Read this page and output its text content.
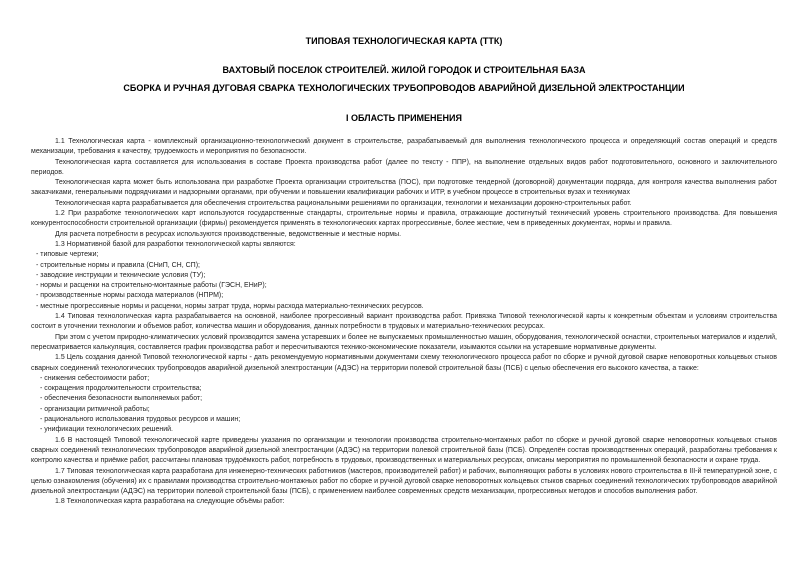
ТИПОВАЯ ТЕХНОЛОГИЧЕСКАЯ КАРТА (ТТК)

ВАХТОВЫЙ ПОСЕЛОК СТРОИТЕЛЕЙ. ЖИЛОЙ ГОРОДОК И СТРОИТЕЛЬНАЯ БАЗА

СБОРКА И РУЧНАЯ ДУГОВАЯ СВАРКА ТЕХНОЛОГИЧЕСКИХ ТРУБОПРОВОДОВ АВАРИЙНОЙ ДИЗЕЛЬНОЙ ЭЛЕКТРОСТАНЦИИ

I ОБЛАСТЬ ПРИМЕНЕНИЯ

1.1 Технологическая карта - комплексный организационно-технологический документ в строительстве, разрабатываемый для выполнения технологического процесса и определяющий состав операций и средств механизации, требования к качеству, трудоемкость и мероприятия по безопасности.

Технологическая карта составляется для использования в составе Проекта производства работ (далее по тексту - ППР), на выполнение отдельных видов работ подготовительного, основного и заключительного периодов.

Технологическая карта может быть использована при разработке Проекта организации строительства (ПОС), при подготовке тендерной (договорной) документации подряда, для контроля качества выполнения работ заказчиками, генеральными подрядчиками и надзорными органами, при обучении и повышении квалификации рабочих и ИТР, в учебном процессе в строительных вузах и техникумах

Технологическая карта разрабатывается для обеспечения строительства рациональными решениями по организации, технологии и механизации дорожно-строительных работ.

1.2 При разработке технологических карт используются государственные стандарты, строительные нормы и правила, отражающие достигнутый технический уровень строительного производства. Для повышения конкурентоспособности строительной организации (фирмы) рекомендуется применять в технологических картах прогрессивные, более жесткие, чем в приведенных документах, нормы и правила.

Для расчета потребности в ресурсах используются производственные, ведомственные и местные нормы.

1.3 Нормативной базой для разработки технологической карты являются:

- типовые чертежи;

- строительные нормы и правила (СНиП, СН, СП);

- заводские инструкции и технические условия (ТУ);

- нормы и расценки на строительно-монтажные работы (ГЭСН, ЕНиР);

- производственные нормы расхода материалов (НПРМ);

- местные прогрессивные нормы и расценки, нормы затрат труда, нормы расхода материально-технических ресурсов.

1.4 Типовая технологическая карта разрабатывается на основной, наиболее прогрессивный вариант производства работ. Привязка Типовой технологической карты к конкретным объектам и условиям строительства состоит в уточнении технологии и объемов работ, количества машин и оборудования, данных потребности в трудовых и материально-технических ресурсах.

При этом с учетом природно-климатических условий производится замена устаревших и более не выпускаемых промышленностью машин, оборудования, технологической оснастки, строительных материалов и изделий, пересматривается калькуляция, составляется график производства работ и пересчитываются технико-экономические показатели, изымаются ссылки на устаревшие нормативные документы.

1.5 Цель создания данной Типовой технологической карты - дать рекомендуемую нормативными документами схему технологического процесса работ по сборке и ручной дуговой сварке неповоротных кольцевых стыков сварных соединений технологических трубопроводов аварийной дизельной электростанции (АДЭС) на территории полевой строительной базы (ПСБ) с целью обеспечения его высокого качества, а также:

- снижения себестоимости работ;

- сокращения продолжительности строительства;

- обеспечения безопасности выполняемых работ;

- организации ритмичной работы;

- рационального использования трудовых ресурсов и машин;

- унификации технологических решений.

1.6 В настоящей Типовой технологической карте приведены указания по организации и технологии производства строительно-монтажных работ по сборке и ручной дуговой сварке неповоротных кольцевых стыков сварных соединений технологических трубопроводов аварийной дизельной электростанции (АДЭС) на территории полевой строительной базы (ПСБ). Определён состав производственных операций, разработаны требования к контролю качества и приёмке работ, рассчитаны плановая трудоёмкость работ, потребность в трудовых, производственных и материальных ресурсах, описаны мероприятия по промышленной безопасности и охране труда.

1.7 Типовая технологическая карта разработана для инженерно-технических работников (мастеров, производителей работ) и рабочих, выполняющих работы в условиях нового строительства в III-й температурной зоне, с целью ознакомления (обучения) их с правилами производства строительно-монтажных работ по сборке и ручной дуговой сварке неповоротных кольцевых стыков сварных соединений технологических трубопроводов аварийной дизельной электростанции (АДЭС) на территории полевой строительной базы (ПСБ), с применением наиболее современных средств механизации, прогрессивных методов и способов выполнения работ.

1.8 Технологическая карта разработана на следующие объёмы работ:
